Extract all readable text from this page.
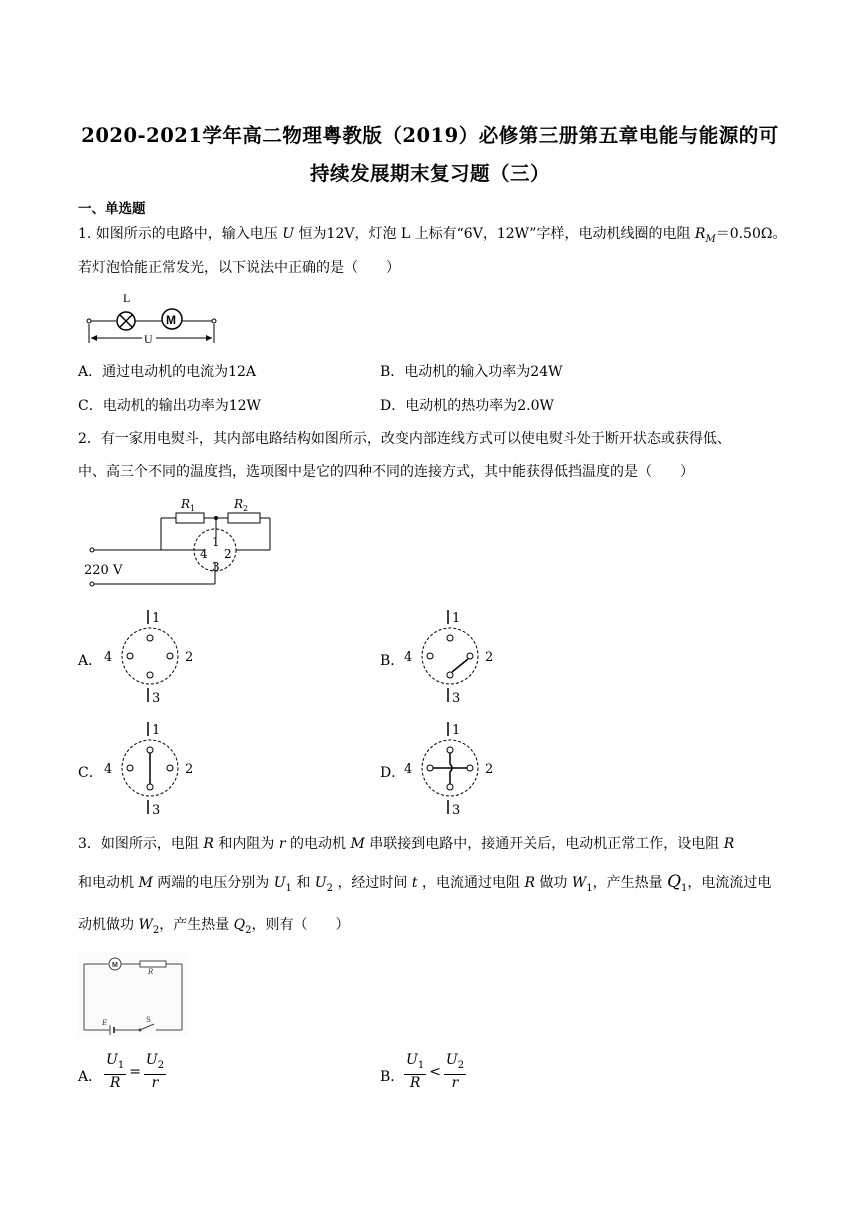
2020-2021学年高二物理粤教版（2019）必修第三册第五章电能与能源的可
持续发展期末复习题（三）
一、单选题
1. 如图所示的电路中，输入电压 U 恒为12V，灯泡 L 上标有“6V，12W”字样，电动机线圈的电阻 $R_M=0.50\Omega$。
若灯泡恰能正常发光，以下说法中正确的是（　　）
M
L
U
A．通过电动机的电流为12A	B．电动机的输入功率为24W
C．电动机的输出功率为12W	D．电动机的热功率为2.0W
2．有一家用电熨斗，其内部电路结构如图所示，改变内部连线方式可以使电熨斗处于断开状态或获得低、
中、高三个不同的温度挡，选项图中是它的四种不同的连接方式，其中能获得低挡温度的是（　　）
$R_1$	$R_2$
1
2
3
4
220 V
A．	B．
C．	D．
1
3
4	2
1
3
4	2
1
3
4	2
1
3
4	2
3．如图所示，电阻 R 和内阻为 r 的电动机 M 串联接到电路中，接通开关后，电动机正常工作，设电阻 R
和电动机 M 两端的电压分别为 $U_1$ 和 $U_2$ ，经过时间 t ，电流通过电阻 R 做功 $W_1$，产生热量 $Q_1$，电流流过电
动机做功 $W_2$，产生热量 $Q_2$，则有（　　）
M
R
E	S
A． $\frac{U_1}{R} = \frac{U_2}{r}$	B． $\frac{U_1}{R} < \frac{U_2}{r}$
